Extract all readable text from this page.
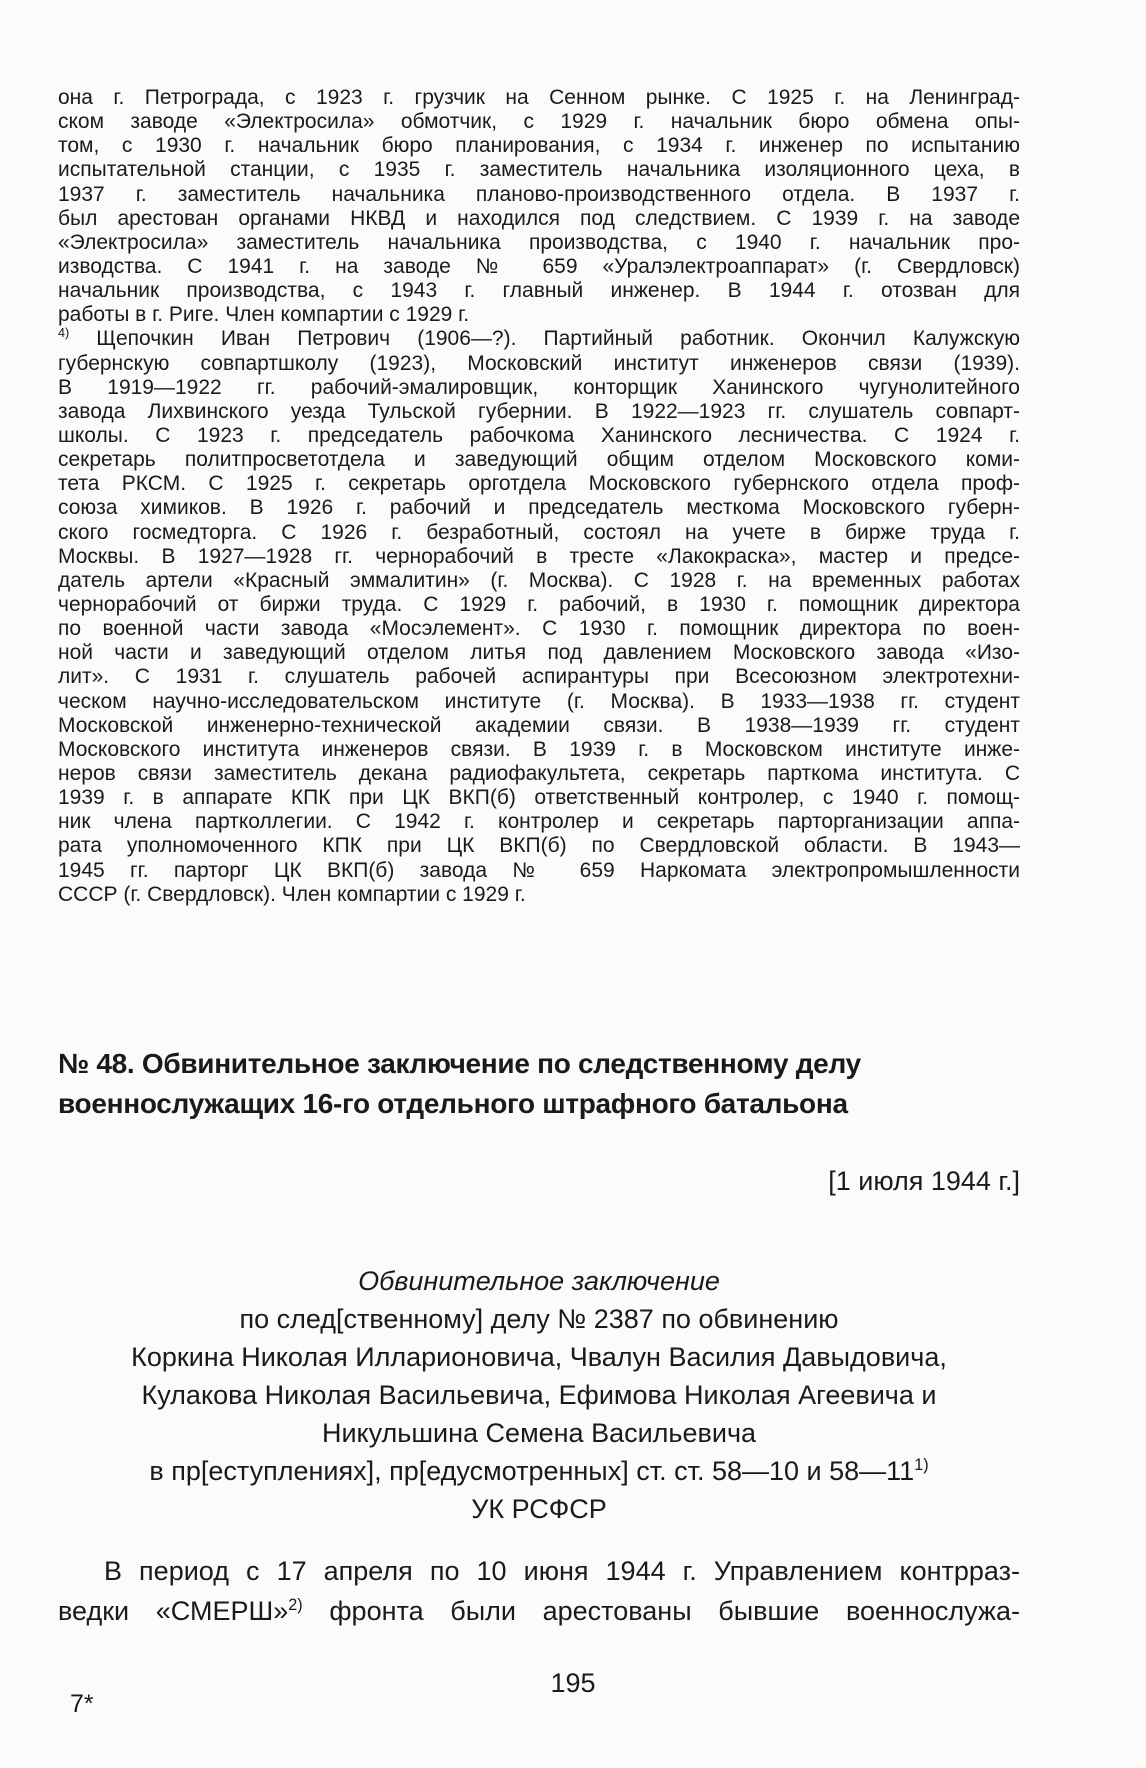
она г. Петрограда, с 1923 г. грузчик на Сенном рынке. С 1925 г. на Ленинград-
ском заводе «Электросила» обмотчик, с 1929 г. начальник бюро обмена опы-
том, с 1930 г. начальник бюро планирования, с 1934 г. инженер по испытанию
испытательной станции, с 1935 г. заместитель начальника изоляционного цеха, в
1937 г. заместитель начальника планово-производственного отдела. В 1937 г.
был арестован органами НКВД и находился под следствием. С 1939 г. на заводе
«Электросила» заместитель начальника производства, с 1940 г. начальник про-
изводства. С 1941 г. на заводе № 659 «Уралэлектроаппарат» (г. Свердловск)
начальник производства, с 1943 г. главный инженер. В 1944 г. отозван для
работы в г. Риге. Член компартии с 1929 г.
$^{4)}$ Щепочкин Иван Петрович (1906—?). Партийный работник. Окончил Калужскую
губернскую совпартшколу (1923), Московский институт инженеров связи (1939).
В 1919—1922 гг. рабочий-эмалировщик, конторщик Ханинского чугунолитейного
завода Лихвинского уезда Тульской губернии. В 1922—1923 гг. слушатель совпарт-
школы. С 1923 г. председатель рабочкома Ханинского лесничества. С 1924 г.
секретарь политпросветотдела и заведующий общим отделом Московского коми-
тета РКСМ. С 1925 г. секретарь орготдела Московского губернского отдела проф-
союза химиков. В 1926 г. рабочий и председатель месткома Московского губерн-
ского госмедторга. С 1926 г. безработный, состоял на учете в бирже труда г.
Москвы. В 1927—1928 гг. чернорабочий в тресте «Лакокраска», мастер и предсе-
датель артели «Красный эммалитин» (г. Москва). С 1928 г. на временных работах
чернорабочий от биржи труда. С 1929 г. рабочий, в 1930 г. помощник директора
по военной части завода «Мосэлемент». С 1930 г. помощник директора по воен-
ной части и заведующий отделом литья под давлением Московского завода «Изо-
лит». С 1931 г. слушатель рабочей аспирантуры при Всесоюзном электротехни-
ческом научно-исследовательском институте (г. Москва). В 1933—1938 гг. студент
Московской инженерно-технической академии связи. В 1938—1939 гг. студент
Московского института инженеров связи. В 1939 г. в Московском институте инже-
неров связи заместитель декана радиофакультета, секретарь парткома института. С
1939 г. в аппарате КПК при ЦК ВКП(б) ответственный контролер, с 1940 г. помощ-
ник члена партколлегии. С 1942 г. контролер и секретарь парторганизации аппа-
рата уполномоченного КПК при ЦК ВКП(б) по Свердловской области. В 1943—
1945 гг. парторг ЦК ВКП(б) завода № 659 Наркомата электропромышленности
СССР (г. Свердловск). Член компартии с 1929 г.
№ 48. Обвинительное заключение по следственному делу
военнослужащих 16-го отдельного штрафного батальона
[1 июля 1944 г.]
Обвинительное заключение
по след[ственному] делу № 2387 по обвинению
Коркина Николая Илларионовича, Чвалун Василия Давыдовича,
Кулакова Николая Васильевича, Ефимова Николая Агеевича и
Никульшина Семена Васильевича
в пр[еступлениях], пр[едусмотренных] ст. ст. 58—10 и 58—11$^{1)}$
УК РСФСР
В период с 17 апреля по 10 июня 1944 г. Управлением контрраз-
ведки «СМЕРШ»$^{2)}$ фронта были арестованы бывшие военнослужа-
195
7*
